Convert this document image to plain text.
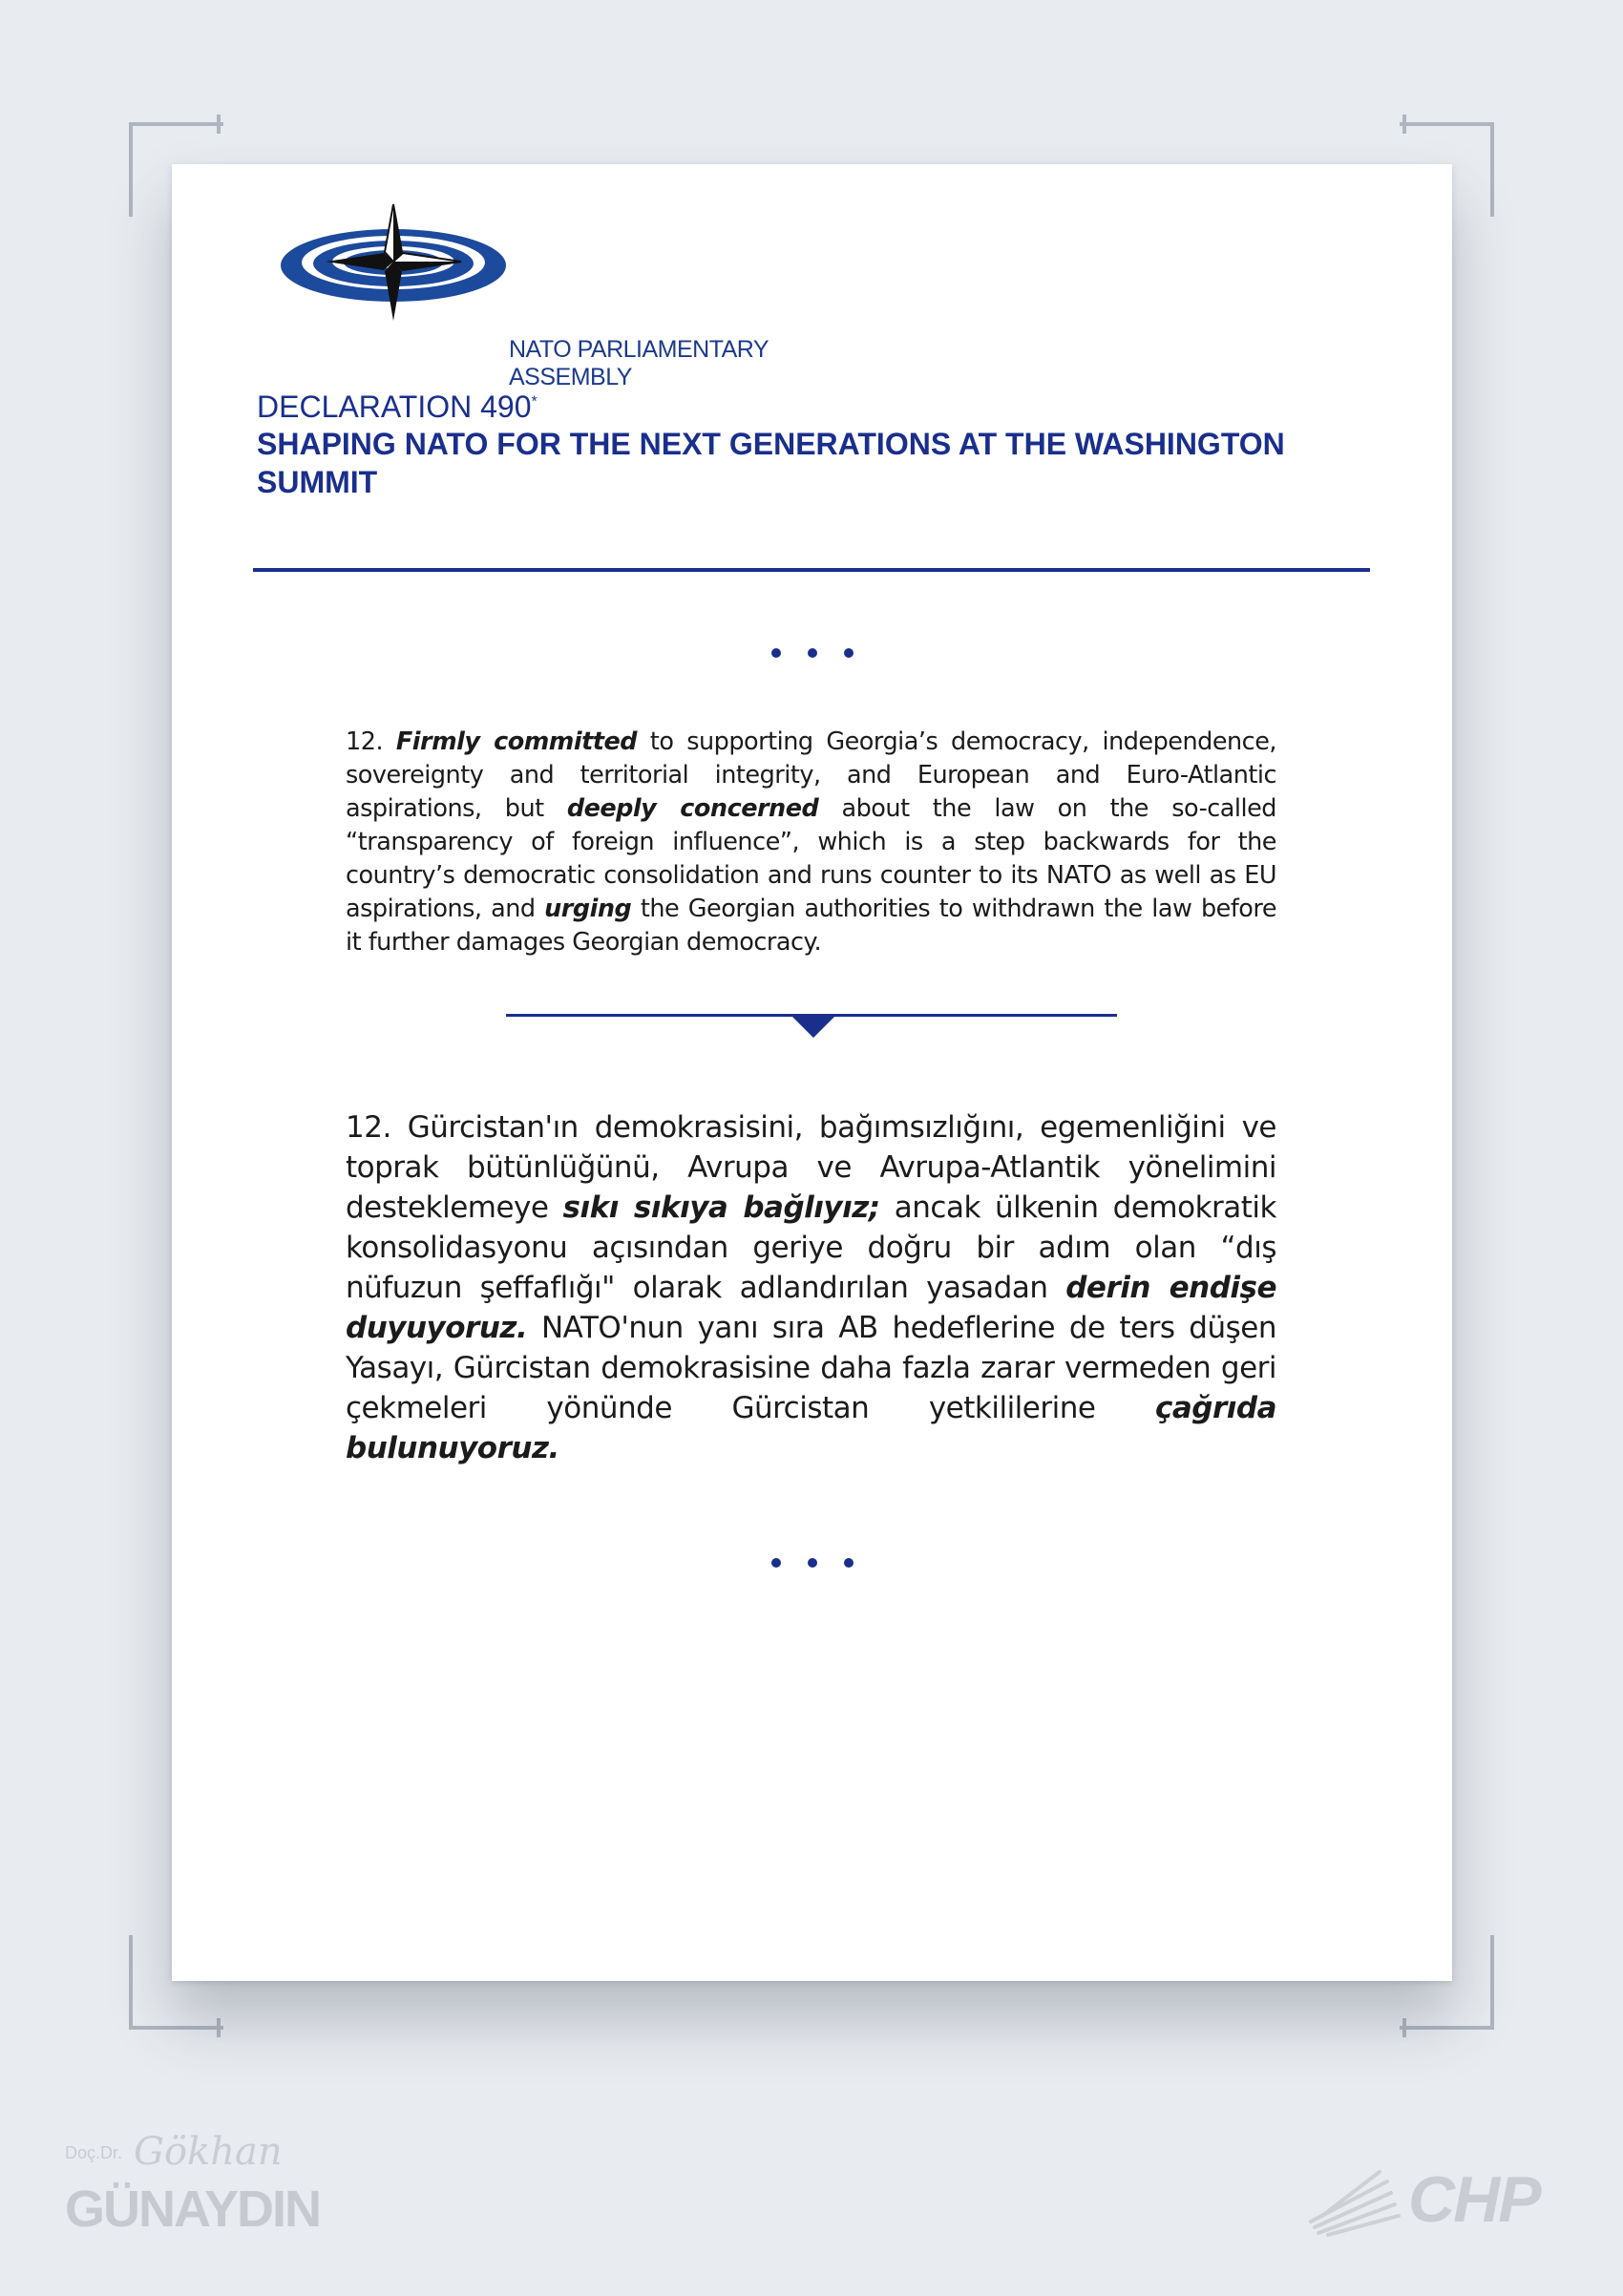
NATO PARLIAMENTARY ASSEMBLY
DECLARATION 490*
SHAPING NATO FOR THE NEXT GENERATIONS AT THE WASHINGTON
SUMMIT
12. Firmly committed to supporting Georgia’s democracy, independence, sovereignty and territorial integrity, and European and Euro-Atlantic aspirations, but deeply concerned about the law on the so-called “transparency of foreign influence”, which is a step backwards for the country’s democratic consolidation and runs counter to its NATO as well as EU aspirations, and urging the Georgian authorities to withdrawn the law before it further damages Georgian democracy.
12. Gürcistan'ın demokrasisini, bağımsızlığını, egemenliğini ve toprak bütünlüğünü, Avrupa ve Avrupa-Atlantik yönelimini desteklemeye sıkı sıkıya bağlıyız; ancak ülkenin demokratik konsolidasyonu açısından geriye doğru bir adım olan “dış nüfuzun şeffaflığı" olarak adlandırılan yasadan derin endişe duyuyoruz. NATO'nun yanı sıra AB hedeflerine de ters düşen Yasayı, Gürcistan demokrasisine daha fazla zarar vermeden geri çekmeleri yönünde Gürcistan yetkililerine çağrıda bulunuyoruz.
Doç.Dr. Gökhan
GÜNAYDIN	CHP
